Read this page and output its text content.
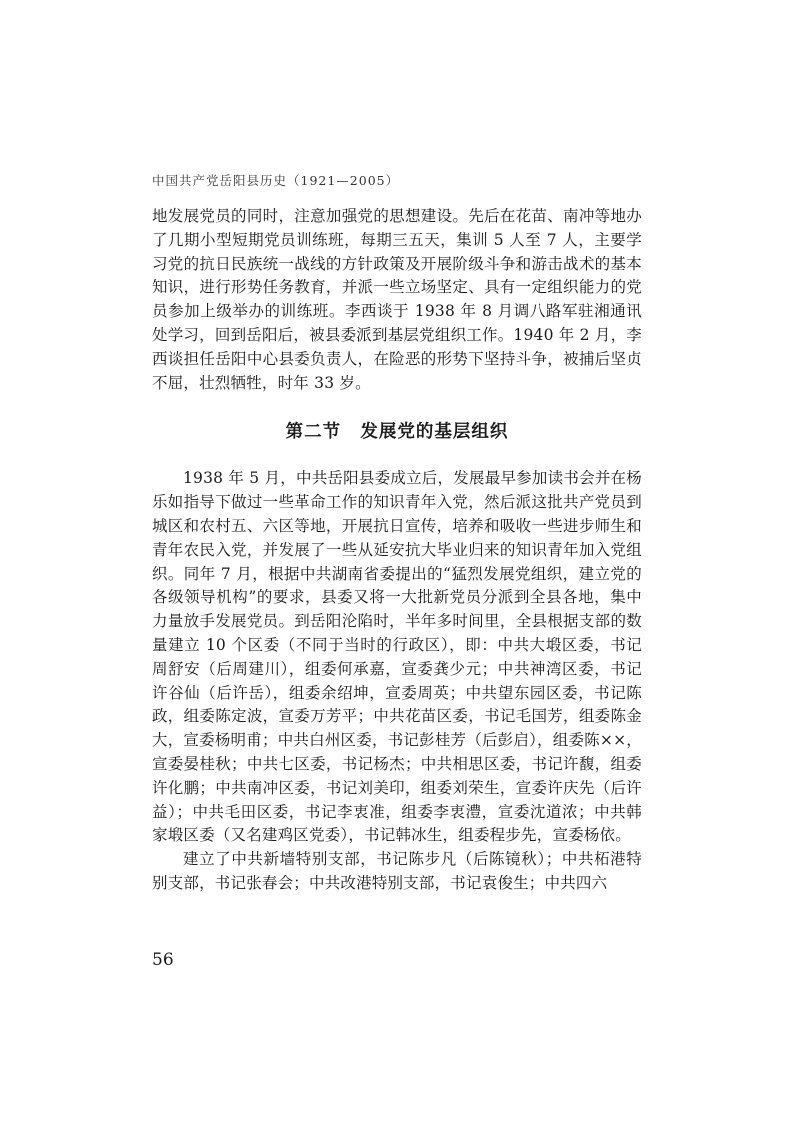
中国共产党岳阳县历史（1921—2005）

地发展党员的同时，注意加强党的思想建设。先后在花苗、南冲等地办了几期小型短期党员训练班，每期三五天，集训 5 人至 7 人，主要学习党的抗日民族统一战线的方针政策及开展阶级斗争和游击战术的基本知识，进行形势任务教育，并派一些立场坚定、具有一定组织能力的党员参加上级举办的训练班。李西谈于 1938 年 8 月调八路军驻湘通讯处学习，回到岳阳后，被县委派到基层党组织工作。1940 年 2 月，李西谈担任岳阳中心县委负责人，在险恶的形势下坚持斗争，被捕后坚贞不屈，壮烈牺牲，时年 33 岁。

第二节 发展党的基层组织

1938 年 5 月，中共岳阳县委成立后，发展最早参加读书会并在杨乐如指导下做过一些革命工作的知识青年入党，然后派这批共产党员到城区和农村五、六区等地，开展抗日宣传，培养和吸收一些进步师生和青年农民入党，并发展了一些从延安抗大毕业归来的知识青年加入党组织。同年 7 月，根据中共湖南省委提出的“猛烈发展党组织，建立党的各级领导机构”的要求，县委又将一大批新党员分派到全县各地，集中力量放手发展党员。到岳阳沦陷时，半年多时间里，全县根据支部的数量建立 10 个区委（不同于当时的行政区），即：中共大塅区委，书记周舒安（后周建川），组委何承嘉，宣委龚少元；中共神湾区委，书记许谷仙（后许岳），组委余绍坤，宣委周英；中共望东园区委，书记陈政，组委陈定波，宣委万芳平；中共花苗区委，书记毛国芳，组委陈金大，宣委杨明甫；中共白州区委，书记彭桂芳（后彭启），组委陈××，宣委晏桂秋；中共七区委，书记杨杰；中共相思区委，书记许馥，组委许化鹏；中共南冲区委，书记刘美印，组委刘荣生，宣委许庆先（后许益）；中共毛田区委，书记李衷准，组委李衷澧，宣委沈道浓；中共韩家塅区委（又名建鸡区党委），书记韩冰生，组委程步先，宣委杨依。

建立了中共新墙特别支部，书记陈步凡（后陈镜秋）；中共柘港特别支部，书记张春会；中共改港特别支部，书记袁俊生；中共四六

56
